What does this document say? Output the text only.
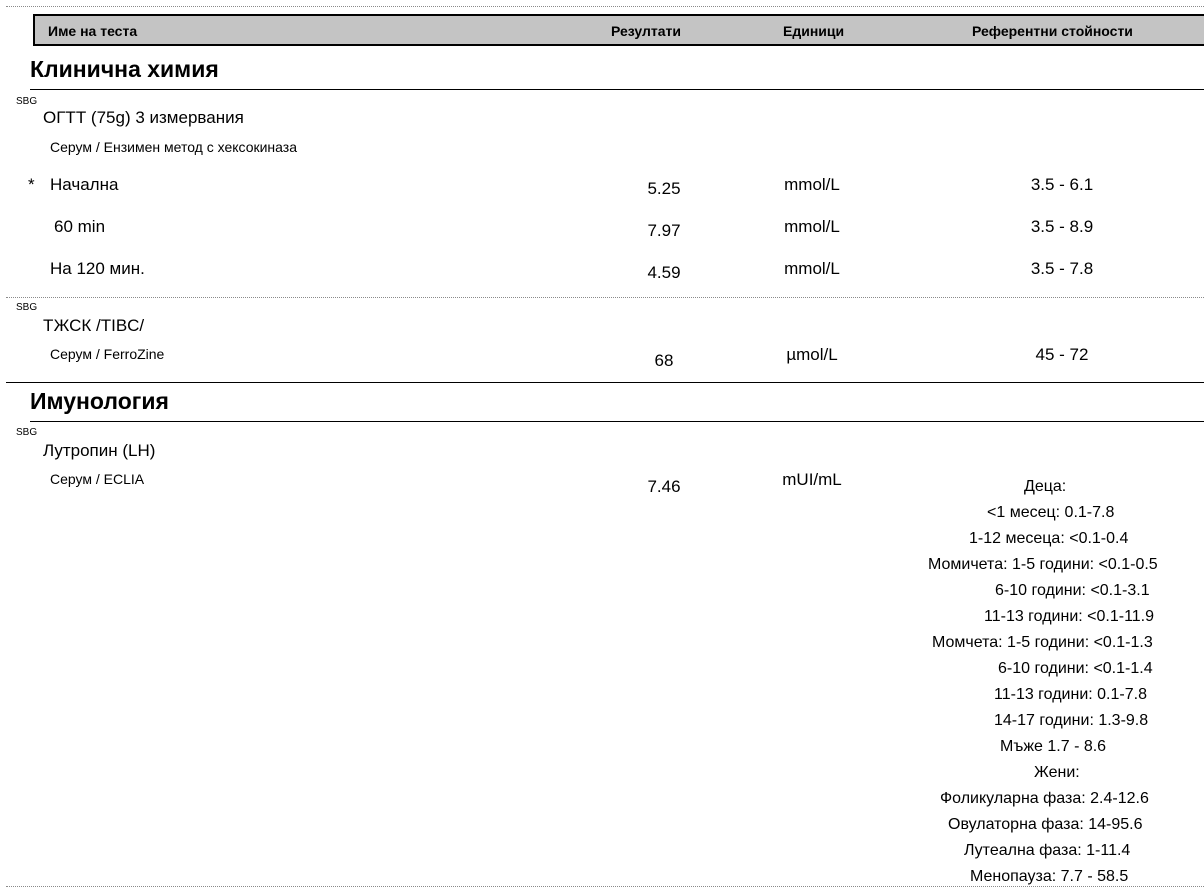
Име на теста	Резултати	Единици	Референтни стойности
Клинична химия
SBG
ОГТТ (75g) 3 измервания
Серум / Ензимен метод с хексокиназа
* Начална	5.25	mmol/L	3.5 - 6.1
60 min	7.97	mmol/L	3.5 - 8.9
На 120 мин.	4.59	mmol/L	3.5 - 7.8
SBG
ТЖСК /TIBC/
Серум / FerroZine	68	µmol/L	45 - 72
Имунология
SBG
Лутропин (LH)
Серум / ECLIA	7.46	mUI/mL	Деца:
<1 месец: 0.1-7.8
1-12 месеца: <0.1-0.4
Момичета: 1-5 години: <0.1-0.5
6-10 години: <0.1-3.1
11-13 години: <0.1-11.9
Момчета: 1-5 години: <0.1-1.3
6-10 години: <0.1-1.4
11-13 години: 0.1-7.8
14-17 години: 1.3-9.8
Мъже 1.7 - 8.6
Жени:
Фоликуларна фаза: 2.4-12.6
Овулаторна фаза: 14-95.6
Лутеална фаза: 1-11.4
Менопауза: 7.7 - 58.5
